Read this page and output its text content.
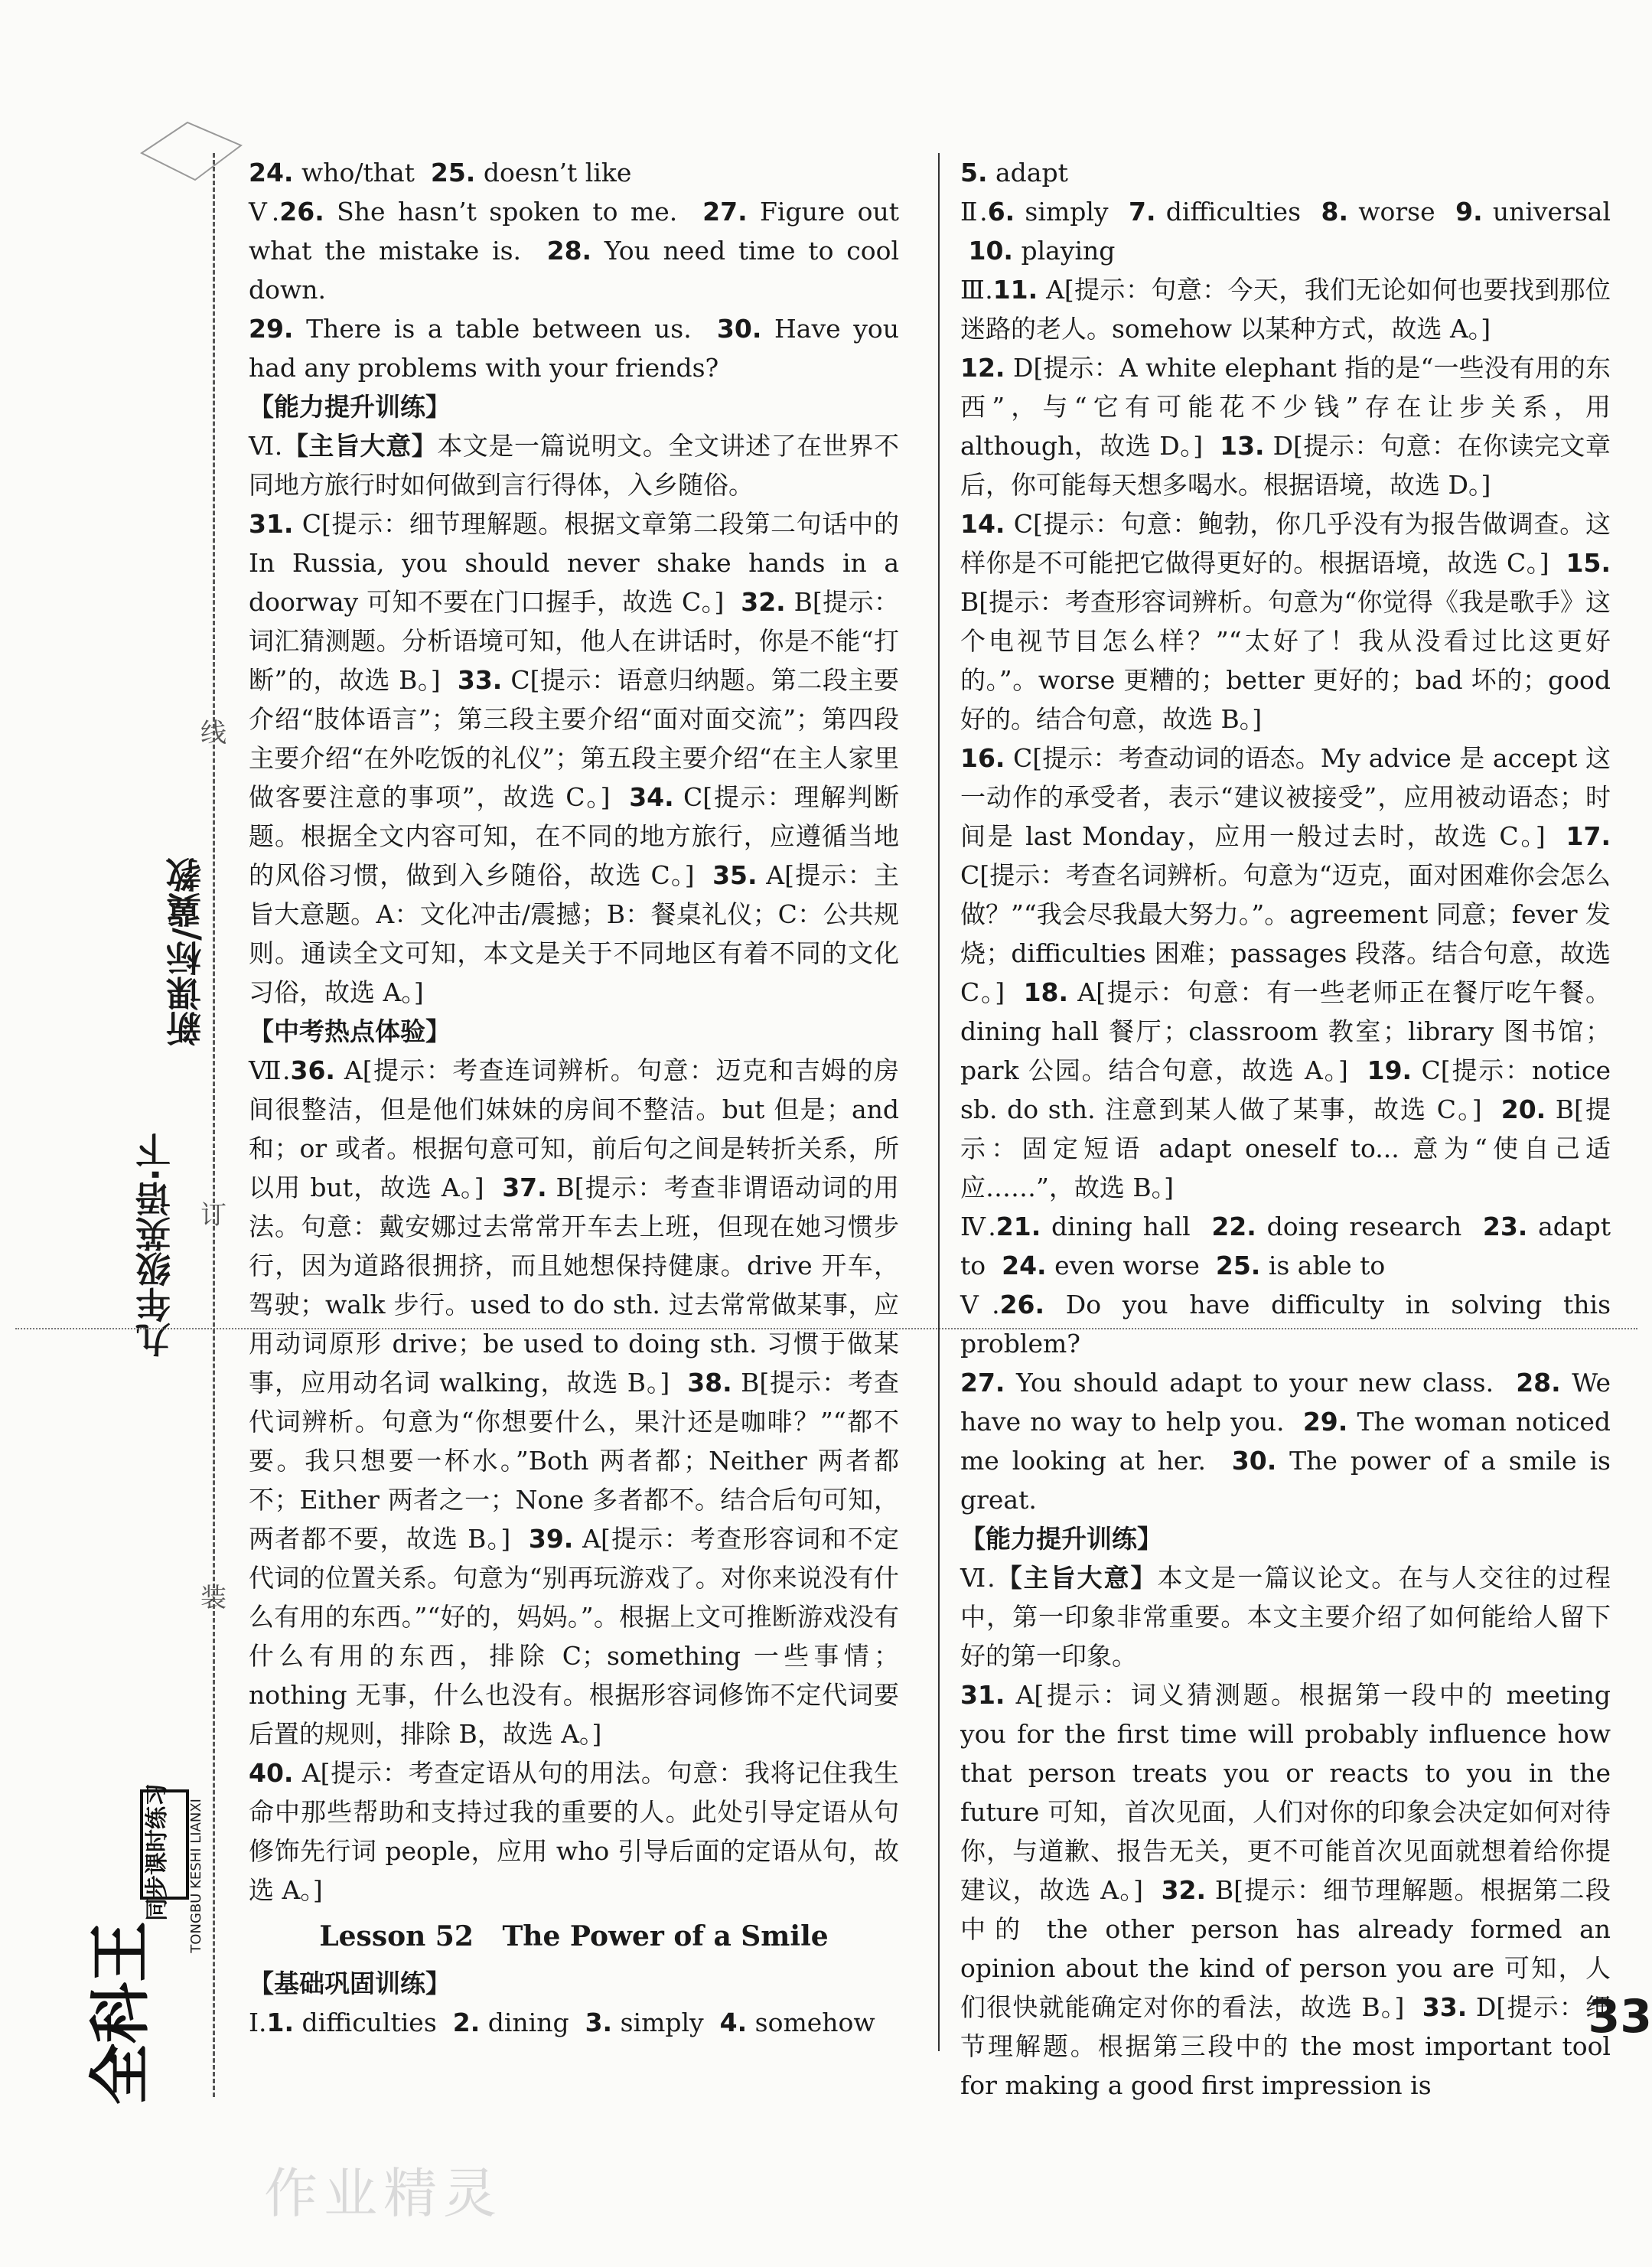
九年级英语·下
新课标/冀教
同步课时练习
全科王
TONGBU KESHI LIANXI
线
订
装

24. who/that  25. doesn’t like

Ⅴ.26. She hasn’t spoken to me.  27. Figure out what the mistake is.  28. You need time to cool down.

29. There is a table between us.  30. Have you had any problems with your friends?

【能力提升训练】

Ⅵ.【主旨大意】本文是一篇说明文。全文讲述了在世界不同地方旅行时如何做到言行得体，入乡随俗。

31. C[提示：细节理解题。根据文章第二段第二句话中的 In Russia, you should never shake hands in a doorway 可知不要在门口握手，故选 C。]  32. B[提示：词汇猜测题。分析语境可知，他人在讲话时，你是不能“打断”的，故选 B。]  33. C[提示：语意归纳题。第二段主要介绍“肢体语言”；第三段主要介绍“面对面交流”；第四段主要介绍“在外吃饭的礼仪”；第五段主要介绍“在主人家里做客要注意的事项”，故选 C。]  34. C[提示：理解判断题。根据全文内容可知，在不同的地方旅行，应遵循当地的风俗习惯，做到入乡随俗，故选 C。]  35. A[提示：主旨大意题。A：文化冲击/震撼；B：餐桌礼仪；C：公共规则。通读全文可知，本文是关于不同地区有着不同的文化习俗，故选 A。]

【中考热点体验】

Ⅶ.36. A[提示：考查连词辨析。句意：迈克和吉姆的房间很整洁，但是他们妹妹的房间不整洁。but 但是；and 和；or 或者。根据句意可知，前后句之间是转折关系，所以用 but，故选 A。]  37. B[提示：考查非谓语动词的用法。句意：戴安娜过去常常开车去上班，但现在她习惯步行，因为道路很拥挤，而且她想保持健康。drive 开车，驾驶；walk 步行。used to do sth. 过去常常做某事，应用动词原形 drive；be used to doing sth. 习惯于做某事，应用动名词 walking，故选 B。]  38. B[提示：考查代词辨析。句意为“你想要什么，果汁还是咖啡？”“都不要。我只想要一杯水。”Both 两者都；Neither 两者都不；Either 两者之一；None 多者都不。结合后句可知，两者都不要，故选 B。]  39. A[提示：考查形容词和不定代词的位置关系。句意为“别再玩游戏了。对你来说没有什么有用的东西。”“好的，妈妈。”。根据上文可推断游戏没有什么有用的东西，排除 C；something 一些事情；nothing 无事，什么也没有。根据形容词修饰不定代词要后置的规则，排除 B，故选 A。]

40. A[提示：考查定语从句的用法。句意：我将记住我生命中那些帮助和支持过我的重要的人。此处引导定语从句修饰先行词 people，应用 who 引导后面的定语从句，故选 A。]

Lesson 52   The Power of a Smile

【基础巩固训练】

Ⅰ.1. difficulties  2. dining  3. simply  4. somehow

5. adapt

Ⅱ.6. simply  7. difficulties  8. worse  9. universal  10. playing

Ⅲ.11. A[提示：句意：今天，我们无论如何也要找到那位迷路的老人。somehow 以某种方式，故选 A。]

12. D[提示：A white elephant 指的是“一些没有用的东西”，与“它有可能花不少钱”存在让步关系，用 although，故选 D。]  13. D[提示：句意：在你读完文章后，你可能每天想多喝水。根据语境，故选 D。]

14. C[提示：句意：鲍勃，你几乎没有为报告做调查。这样你是不可能把它做得更好的。根据语境，故选 C。]  15. B[提示：考查形容词辨析。句意为“你觉得《我是歌手》这个电视节目怎么样？”“太好了！我从没看过比这更好的。”。worse 更糟的；better 更好的；bad 坏的；good 好的。结合句意，故选 B。]

16. C[提示：考查动词的语态。My advice 是 accept 这一动作的承受者，表示“建议被接受”，应用被动语态；时间是 last Monday，应用一般过去时，故选 C。]  17. C[提示：考查名词辨析。句意为“迈克，面对困难你会怎么做？”“我会尽我最大努力。”。agreement 同意；fever 发烧；difficulties 困难；passages 段落。结合句意，故选 C。]  18. A[提示：句意：有一些老师正在餐厅吃午餐。dining hall 餐厅；classroom 教室；library 图书馆；park 公园。结合句意，故选 A。]  19. C[提示：notice sb. do sth. 注意到某人做了某事，故选 C。]  20. B[提示：固定短语 adapt oneself to... 意为“使自己适应……”，故选 B。]

Ⅳ.21. dining hall  22. doing research  23. adapt to  24. even worse  25. is able to

Ⅴ.26. Do you have difficulty in solving this problem?

27. You should adapt to your new class.  28. We have no way to help you.  29. The woman noticed me looking at her.  30. The power of a smile is great.

【能力提升训练】

Ⅵ.【主旨大意】本文是一篇议论文。在与人交往的过程中，第一印象非常重要。本文主要介绍了如何能给人留下好的第一印象。

31. A[提示：词义猜测题。根据第一段中的 meeting you for the first time will probably influence how that person treats you or reacts to you in the future 可知，首次见面，人们对你的印象会决定如何对待你，与道歉、报告无关，更不可能首次见面就想着给你提建议，故选 A。]  32. B[提示：细节理解题。根据第二段中的 the other person has already formed an opinion about the kind of person you are 可知，人们很快就能确定对你的看法，故选 B。]  33. D[提示：细节理解题。根据第三段中的 the most important tool for making a good first impression is

33
作业精灵
